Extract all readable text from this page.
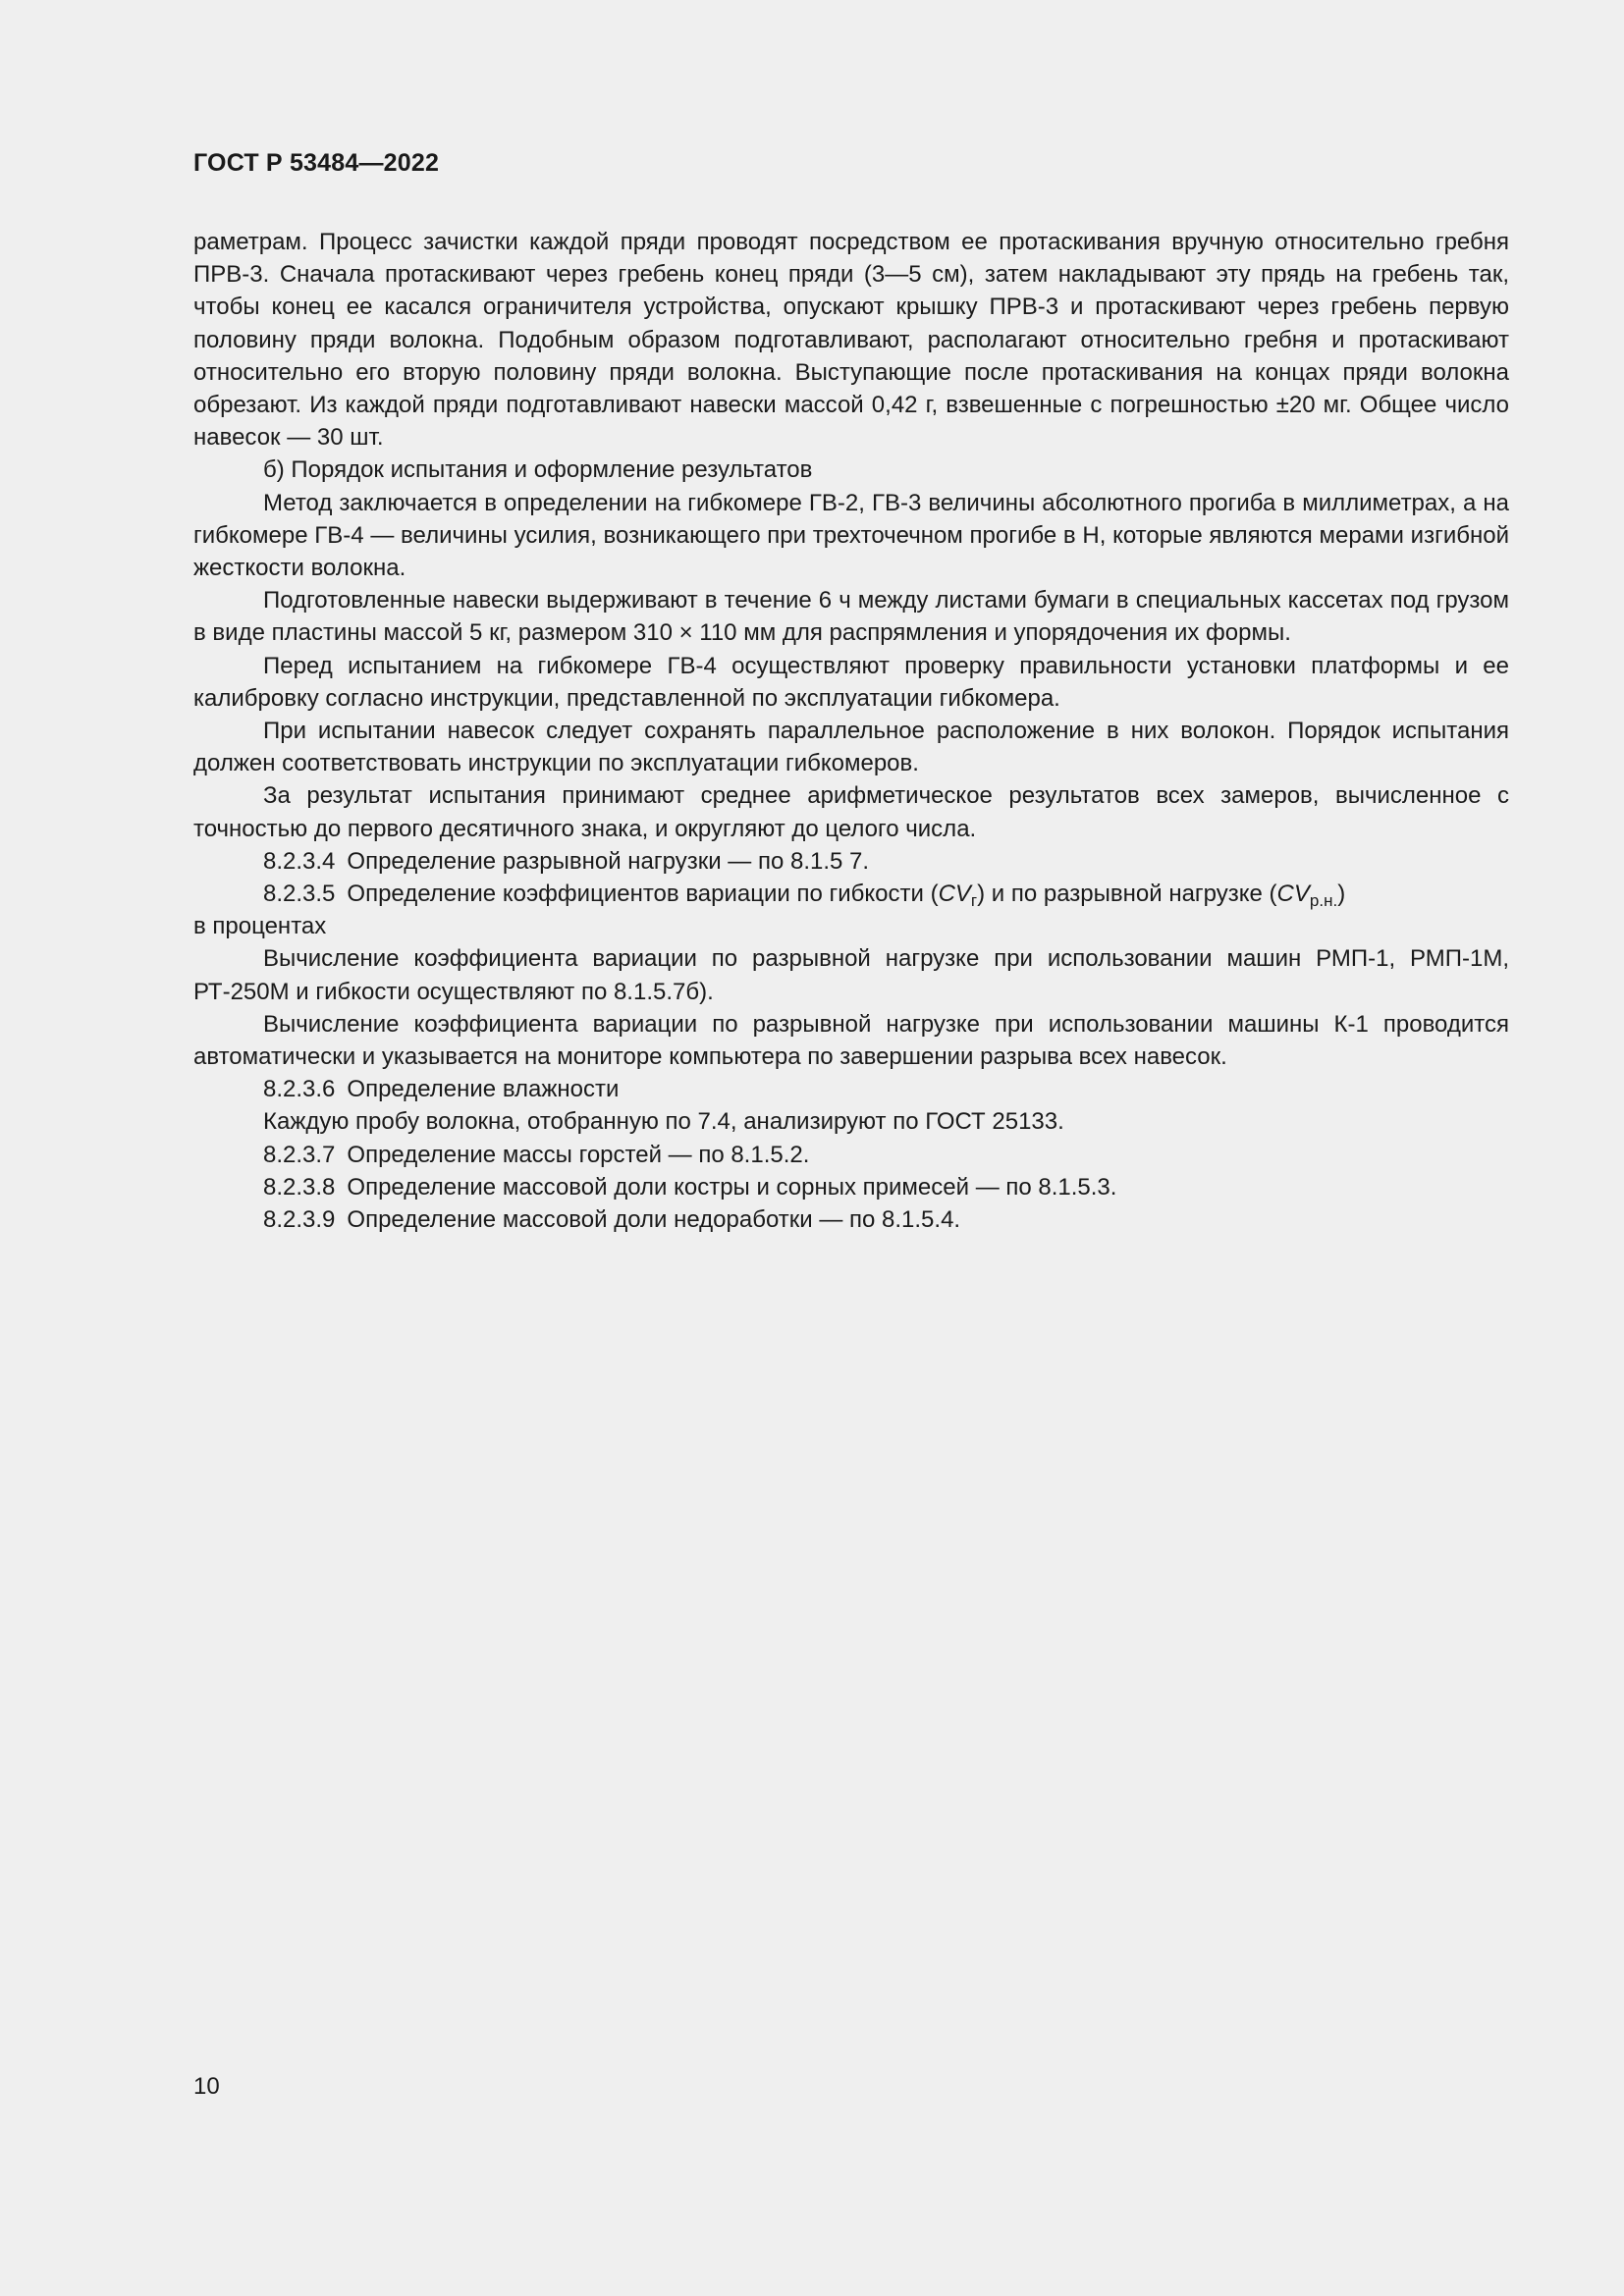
ГОСТ Р 53484—2022

раметрам. Процесс зачистки каждой пряди проводят посредством ее протаскивания вручную относительно гребня ПРВ-3. Сначала протаскивают через гребень конец пряди (3—5 см), затем накладывают эту прядь на гребень так, чтобы конец ее касался ограничителя устройства, опускают крышку ПРВ-3 и протаскивают через гребень первую половину пряди волокна. Подобным образом подготавливают, располагают относительно гребня и протаскивают относительно его вторую половину пряди волокна. Выступающие после протаскивания на концах пряди волокна обрезают. Из каждой пряди подготавливают навески массой 0,42 г, взвешенные с погрешностью ±20 мг. Общее число навесок — 30 шт.

б) Порядок испытания и оформление результатов

Метод заключается в определении на гибкомере ГВ-2, ГВ-3 величины абсолютного прогиба в миллиметрах, а на гибкомере ГВ-4 — величины усилия, возникающего при трехточечном прогибе в Н, которые являются мерами изгибной жесткости волокна.

Подготовленные навески выдерживают в течение 6 ч между листами бумаги в специальных кассетах под грузом в виде пластины массой 5 кг, размером 310 × 110 мм для распрямления и упорядочения их формы.

Перед испытанием на гибкомере ГВ-4 осуществляют проверку правильности установки платформы и ее калибровку согласно инструкции, представленной по эксплуатации гибкомера.

При испытании навесок следует сохранять параллельное расположение в них волокон. Порядок испытания должен соответствовать инструкции по эксплуатации гибкомеров.

За результат испытания принимают среднее арифметическое результатов всех замеров, вычисленное с точностью до первого десятичного знака, и округляют до целого числа.

8.2.3.4 Определение разрывной нагрузки — по 8.1.5 7.

8.2.3.5 Определение коэффициентов вариации по гибкости $(CV_г)$ и по разрывной нагрузке $(CV_{р.н.})$

в процентах

Вычисление коэффициента вариации по разрывной нагрузке при использовании машин РМП-1, РМП-1М, РТ-250М и гибкости осуществляют по 8.1.5.7б).

Вычисление коэффициента вариации по разрывной нагрузке при использовании машины К-1 проводится автоматически и указывается на мониторе компьютера по завершении разрыва всех навесок.

8.2.3.6 Определение влажности

Каждую пробу волокна, отобранную по 7.4, анализируют по ГОСТ 25133.

8.2.3.7 Определение массы горстей — по 8.1.5.2.

8.2.3.8 Определение массовой доли костры и сорных примесей — по 8.1.5.3.

8.2.3.9 Определение массовой доли недоработки — по 8.1.5.4.

10
